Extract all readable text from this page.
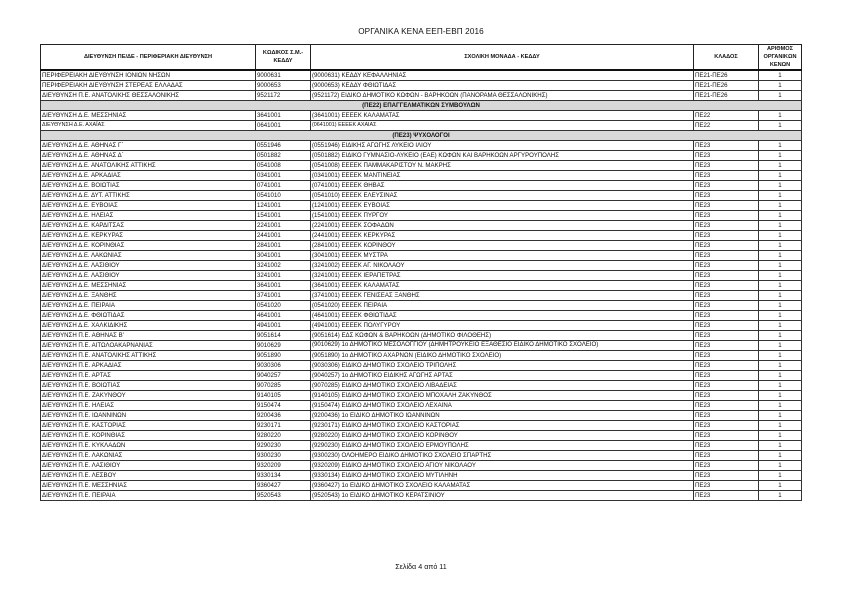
ΟΡΓΑΝΙΚΑ ΚΕΝΑ ΕΕΠ-ΕΒΠ 2016
ΔΙΕΥΘΥΝΣΗ ΠΕ/ΔΕ - ΠΕΡΙΦΕΡΙΑΚΗ ΔΙΕΥΘΥΝΣΗ	ΚΩΔΙΚΟΣ Σ.Μ.-ΚΕΔΔΥ	ΣΧΟΛΙΚΗ ΜΟΝΑΔΑ - ΚΕΔΔΥ	ΚΛΑΔΟΣ	ΑΡΙΘΜΟΣ ΟΡΓΑΝΙΚΩΝ ΚΕΝΩΝ
ΠΕΡΙΦΕΡΕΙΑΚΗ ΔΙΕΥΘΥΝΣΗ ΙΟΝΙΩΝ ΝΗΣΩΝ	9000631	(9000631) ΚΕΔΔΥ ΚΕΦΑΛΛΗΝΙΑΣ	ΠΕ21-ΠΕ26	1
ΠΕΡΙΦΕΡΕΙΑΚΗ ΔΙΕΥΘΥΝΣΗ ΣΤΕΡΕΑΣ ΕΛΛΑΔΑΣ	9000653	(9000653) ΚΕΔΔΥ ΦΘΙΩΤΙΔΑΣ	ΠΕ21-ΠΕ26	1
ΔΙΕΥΘΥΝΣΗ Π.Ε. ΑΝΑΤΟΛΙΚΗΣ ΘΕΣΣΑΛΟΝΙΚΗΣ	9521172	(9521172) ΕΙΔΙΚΟ ΔΗΜΟΤΙΚΟ ΚΩΦΩΝ - ΒΑΡΗΚΟΩΝ (ΠΑΝΟΡΑΜΑ ΘΕΣΣΑΛΟΝΙΚΗΣ)	ΠΕ21-ΠΕ26	1
(ΠΕ22) ΕΠΑΓΓΕΛΜΑΤΙΚΩΝ ΣΥΜΒΟΥΛΩΝ				
ΔΙΕΥΘΥΝΣΗ Δ.Ε. ΜΕΣΣΗΝΙΑΣ	3641001	(3641001) ΕΕΕΕΚ ΚΑΛΑΜΑΤΑΣ	ΠΕ22	1
ΔΙΕΥΘΥΝΣΗ Δ.Ε. ΑΧΑΪΑΣ	0641001	(0641001) ΕΕΕΕΚ ΑΧΑΙΑΣ	ΠΕ22	1
(ΠΕ23) ΨΥΧΟΛΟΓΟΙ				
ΔΙΕΥΘΥΝΣΗ Δ.Ε. ΑΘΗΝΑΣ Γ΄	0551946	(0551946) ΕΙΔΙΚΗΣ ΑΓΩΓΗΣ ΛΥΚΕΙΟ ΙΛΙΟΥ	ΠΕ23	1
ΔΙΕΥΘΥΝΣΗ Δ.Ε. ΑΘΗΝΑΣ Δ΄	0501882	(0501882) ΕΙΔΙΚΟ ΓΥΜΝΑΣΙΟ-ΛΥΚΕΙΟ (ΕΑΕ) ΚΩΦΩΝ ΚΑΙ ΒΑΡΗΚΟΩΝ ΑΡΓΥΡΟΥΠΟΛΗΣ	ΠΕ23	1
ΔΙΕΥΘΥΝΣΗ Δ.Ε. ΑΝΑΤΟΛΙΚΗΣ ΑΤΤΙΚΗΣ	0541008	(0541008) ΕΕΕΕΚ ΠΑΜΜΑΚΑΡΙΣΤΟΥ Ν. ΜΑΚΡΗΣ	ΠΕ23	1
ΔΙΕΥΘΥΝΣΗ Δ.Ε. ΑΡΚΑΔΙΑΣ	0341001	(0341001) ΕΕΕΕΚ ΜΑΝΤΙΝΕΙΑΣ	ΠΕ23	1
ΔΙΕΥΘΥΝΣΗ Δ.Ε. ΒΟΙΩΤΙΑΣ	0741001	(0741001) ΕΕΕΕΚ ΘΗΒΑΣ	ΠΕ23	1
ΔΙΕΥΘΥΝΣΗ Δ.Ε. ΔΥΤ. ΑΤΤΙΚΗΣ	0541010	(0541010) ΕΕΕΕΚ ΕΛΕΥΣΙΝΑΣ	ΠΕ23	1
ΔΙΕΥΘΥΝΣΗ Δ.Ε. ΕΥΒΟΙΑΣ	1241001	(1241001) ΕΕΕΕΚ ΕΥΒΟΙΑΣ	ΠΕ23	1
ΔΙΕΥΘΥΝΣΗ Δ.Ε. ΗΛΕΙΑΣ	1541001	(1541001) ΕΕΕΕΚ ΠΥΡΓΟΥ	ΠΕ23	1
ΔΙΕΥΘΥΝΣΗ Δ.Ε. ΚΑΡΔΙΤΣΑΣ	2241001	(2241001) ΕΕΕΕΚ ΣΟΦΑΔΩΝ	ΠΕ23	1
ΔΙΕΥΘΥΝΣΗ Δ.Ε. ΚΕΡΚΥΡΑΣ	2441001	(2441001) ΕΕΕΕΚ ΚΕΡΚΥΡΑΣ	ΠΕ23	1
ΔΙΕΥΘΥΝΣΗ Δ.Ε. ΚΟΡΙΝΘΙΑΣ	2841001	(2841001) ΕΕΕΕΚ ΚΟΡΙΝΘΟΥ	ΠΕ23	1
ΔΙΕΥΘΥΝΣΗ Δ.Ε. ΛΑΚΩΝΙΑΣ	3041001	(3041001) ΕΕΕΕΚ ΜΥΣΤΡΑ	ΠΕ23	1
ΔΙΕΥΘΥΝΣΗ Δ.Ε. ΛΑΣΙΘΙΟΥ	3241002	(3241002) ΕΕΕΕΚ ΑΓ. ΝΙΚΟΛΑΟΥ	ΠΕ23	1
ΔΙΕΥΘΥΝΣΗ Δ.Ε. ΛΑΣΙΘΙΟΥ	3241001	(3241001) ΕΕΕΕΚ ΙΕΡΑΠΕΤΡΑΣ	ΠΕ23	1
ΔΙΕΥΘΥΝΣΗ Δ.Ε. ΜΕΣΣΗΝΙΑΣ	3641001	(3641001) ΕΕΕΕΚ ΚΑΛΑΜΑΤΑΣ	ΠΕ23	1
ΔΙΕΥΘΥΝΣΗ Δ.Ε. ΞΑΝΘΗΣ	3741001	(3741001) ΕΕΕΕΚ ΓΕΝΙΣΕΑΣ ΞΑΝΘΗΣ	ΠΕ23	1
ΔΙΕΥΘΥΝΣΗ Δ.Ε. ΠΕΙΡΑΙΑ	0541020	(0541020) ΕΕΕΕΚ ΠΕΙΡΑΙΑ	ΠΕ23	1
ΔΙΕΥΘΥΝΣΗ Δ.Ε. ΦΘΙΩΤΙΔΑΣ	4641001	(4641001) ΕΕΕΕΚ ΦΘΙΩΤΙΔΑΣ	ΠΕ23	1
ΔΙΕΥΘΥΝΣΗ Δ.Ε. ΧΑΛΚΙΔΙΚΗΣ	4941001	(4941001) ΕΕΕΕΚ ΠΟΛΥΓΥΡΟΥ	ΠΕ23	1
ΔΙΕΥΘΥΝΣΗ Π.Ε. ΑΘΗΝΑΣ Β'	9051614	(9051614) ΕΔΣ ΚΩΦΩΝ & ΒΑΡΗΚΟΩΝ (ΔΗΜΟΤΙΚΟ ΦΙΛΟΘΕΗΣ)	ΠΕ23	1
ΔΙΕΥΘΥΝΣΗ Π.Ε. ΑΙΤΩΛΟΑΚΑΡΝΑΝΙΑΣ	9010629	(9010629) 1ο ΔΗΜΟΤΙΚΟ ΜΕΣΟΛΟΓΓΙΟΥ (ΔΗΜΗΤΡΟΥΚΕΙΟ ΕΞΑΘΕΣΙΟ ΕΙΔΙΚΟ ΔΗΜΟΤΙΚΟ ΣΧΟΛΕΙΟ)	ΠΕ23	1
ΔΙΕΥΘΥΝΣΗ Π.Ε. ΑΝΑΤΟΛΙΚΗΣ ΑΤΤΙΚΗΣ	9051890	(9051890) 1ο ΔΗΜΟΤΙΚΟ ΑΧΑΡΝΩΝ (ΕΙΔΙΚΟ ΔΗΜΟΤΙΚΟ ΣΧΟΛΕΙΟ)	ΠΕ23	1
ΔΙΕΥΘΥΝΣΗ Π.Ε. ΑΡΚΑΔΙΑΣ	9030306	(9030306) ΕΙΔΙΚΟ ΔΗΜΟΤΙΚΟ ΣΧΟΛΕΙΟ ΤΡΙΠΟΛΗΣ	ΠΕ23	1
ΔΙΕΥΘΥΝΣΗ Π.Ε. ΑΡΤΑΣ	9040257	(9040257) 1ο ΔΗΜΟΤΙΚΟ ΕΙΔΙΚΗΣ ΑΓΩΓΗΣ ΑΡΤΑΣ	ΠΕ23	1
ΔΙΕΥΘΥΝΣΗ Π.Ε. ΒΟΙΩΤΙΑΣ	9070285	(9070285) ΕΙΔΙΚΟ ΔΗΜΟΤΙΚΟ ΣΧΟΛΕΙΟ ΛΙΒΑΔΕΙΑΣ	ΠΕ23	1
ΔΙΕΥΘΥΝΣΗ Π.Ε. ΖΑΚΥΝΘΟΥ	9140105	(9140105) ΕΙΔΙΚΟ ΔΗΜΟΤΙΚΟ ΣΧΟΛΕΙΟ ΜΠΟΧΑΛΗ ΖΑΚΥΝΘΟΣ	ΠΕ23	1
ΔΙΕΥΘΥΝΣΗ Π.Ε. ΗΛΕΙΑΣ	9150474	(9150474) ΕΙΔΙΚΟ ΔΗΜΟΤΙΚΟ ΣΧΟΛΕΙΟ ΛΕΧΑΙΝΑ	ΠΕ23	1
ΔΙΕΥΘΥΝΣΗ Π.Ε. ΙΩΑΝΝΙΝΩΝ	9200436	(9200436) 1ο ΕΙΔΙΚΟ ΔΗΜΟΤΙΚΟ ΙΩΑΝΝΙΝΩΝ	ΠΕ23	1
ΔΙΕΥΘΥΝΣΗ Π.Ε. ΚΑΣΤΟΡΙΑΣ	9230171	(9230171) ΕΙΔΙΚΟ ΔΗΜΟΤΙΚΟ ΣΧΟΛΕΙΟ ΚΑΣΤΟΡΙΑΣ	ΠΕ23	1
ΔΙΕΥΘΥΝΣΗ Π.Ε. ΚΟΡΙΝΘΙΑΣ	9280220	(9280220) ΕΙΔΙΚΟ ΔΗΜΟΤΙΚΟ ΣΧΟΛΕΙΟ ΚΟΡΙΝΘΟΥ	ΠΕ23	1
ΔΙΕΥΘΥΝΣΗ Π.Ε. ΚΥΚΛΑΔΩΝ	9290230	(9290230) ΕΙΔΙΚΟ ΔΗΜΟΤΙΚΟ ΣΧΟΛΕΙΟ ΕΡΜΟΥΠΟΛΗΣ	ΠΕ23	1
ΔΙΕΥΘΥΝΣΗ Π.Ε. ΛΑΚΩΝΙΑΣ	9300230	(9300230) ΟΛΟΗΜΕΡΟ ΕΙΔΙΚΟ ΔΗΜΟΤΙΚΟ ΣΧΟΛΕΙΟ ΣΠΑΡΤΗΣ	ΠΕ23	1
ΔΙΕΥΘΥΝΣΗ Π.Ε. ΛΑΣΙΘΙΟΥ	9320209	(9320209) ΕΙΔΙΚΟ ΔΗΜΟΤΙΚΟ ΣΧΟΛΕΙΟ ΑΓΙΟΥ ΝΙΚΟΛΑΟΥ	ΠΕ23	1
ΔΙΕΥΘΥΝΣΗ Π.Ε. ΛΕΣΒΟΥ	9330134	(9330134) ΕΙΔΙΚΟ ΔΗΜΟΤΙΚΟ ΣΧΟΛΕΙΟ ΜΥΤΙΛΗΝΗ	ΠΕ23	1
ΔΙΕΥΘΥΝΣΗ Π.Ε. ΜΕΣΣΗΝΙΑΣ	9360427	(9360427) 1ο ΕΙΔΙΚΟ ΔΗΜΟΤΙΚΟ ΣΧΟΛΕΙΟ ΚΑΛΑΜΑΤΑΣ	ΠΕ23	1
ΔΙΕΥΘΥΝΣΗ Π.Ε. ΠΕΙΡΑΙΑ	9520543	(9520543) 1ο ΕΙΔΙΚΟ ΔΗΜΟΤΙΚΟ ΚΕΡΑΤΣΙΝΙΟΥ	ΠΕ23	1
Σελίδα 4 από 11
